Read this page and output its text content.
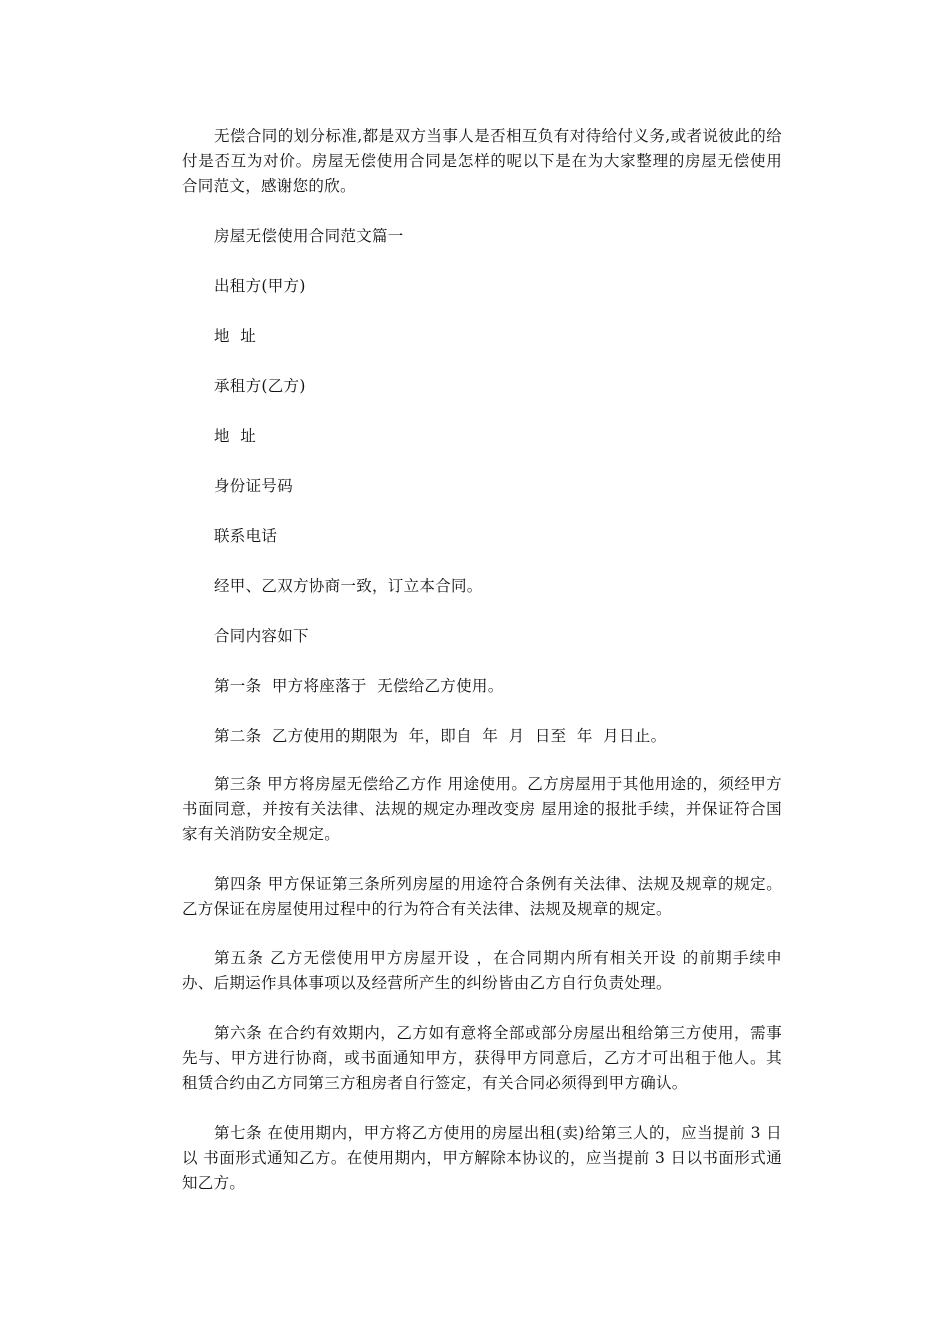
无偿合同的划分标准,都是双方当事人是否相互负有对待给付义务,或者说彼此的给付是否互为对价。房屋无偿使用合同是怎样的呢以下是在为大家整理的房屋无偿使用合同范文，感谢您的欣。

房屋无偿使用合同范文篇一

出租方(甲方)

地  址

承租方(乙方)

地  址

身份证号码

联系电话

经甲、乙双方协商一致，订立本合同。

合同内容如下

第一条  甲方将座落于  无偿给乙方使用。

第二条  乙方使用的期限为  年，即自  年  月  日至  年  月日止。

第三条 甲方将房屋无偿给乙方作 用途使用。乙方房屋用于其他用途的，须经甲方书面同意，并按有关法律、法规的规定办理改变房 屋用途的报批手续，并保证符合国家有关消防安全规定。

第四条 甲方保证第三条所列房屋的用途符合条例有关法律、法规及规章的规定。乙方保证在房屋使用过程中的行为符合有关法律、法规及规章的规定。

第五条 乙方无偿使用甲方房屋开设 ，在合同期内所有相关开设 的前期手续申办、后期运作具体事项以及经营所产生的纠纷皆由乙方自行负责处理。

第六条 在合约有效期内，乙方如有意将全部或部分房屋出租给第三方使用，需事先与、甲方进行协商，或书面通知甲方，获得甲方同意后，乙方才可出租于他人。其租赁合约由乙方同第三方租房者自行签定，有关合同必须得到甲方确认。

第七条 在使用期内，甲方将乙方使用的房屋出租(卖)给第三人的，应当提前 3 日以 书面形式通知乙方。在使用期内，甲方解除本协议的，应当提前 3 日以书面形式通知乙方。
